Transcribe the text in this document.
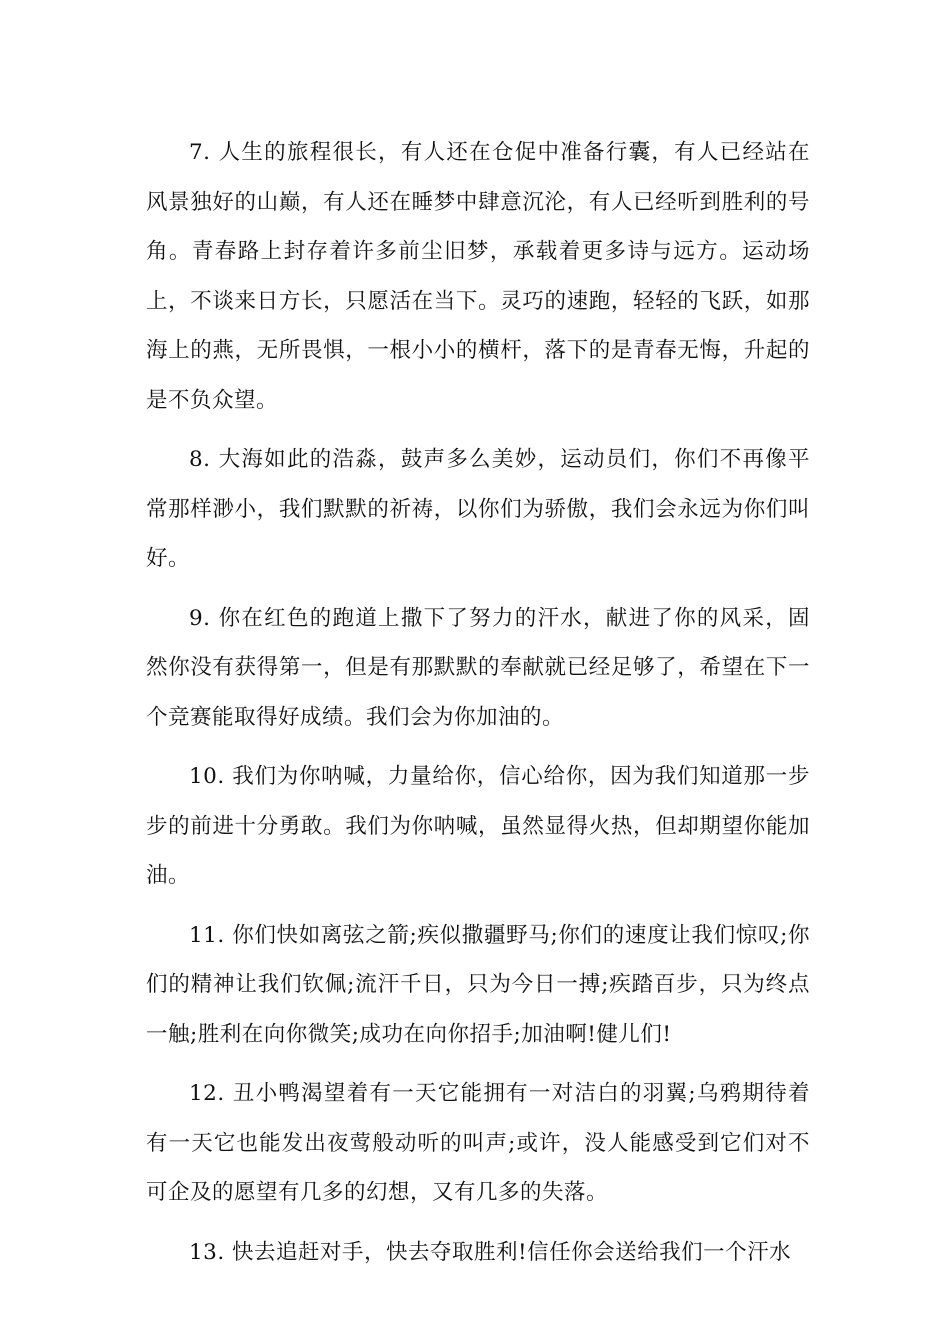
7. 人生的旅程很长，有人还在仓促中准备行囊，有人已经站在风景独好的山巅，有人还在睡梦中肆意沉沦，有人已经听到胜利的号角。青春路上封存着许多前尘旧梦，承载着更多诗与远方。运动场上，不谈来日方长，只愿活在当下。灵巧的速跑，轻轻的飞跃，如那海上的燕，无所畏惧，一根小小的横杆，落下的是青春无悔，升起的是不负众望。

8. 大海如此的浩淼，鼓声多么美妙，运动员们，你们不再像平常那样渺小，我们默默的祈祷，以你们为骄傲，我们会永远为你们叫好。

9. 你在红色的跑道上撒下了努力的汗水，献进了你的风采，固然你没有获得第一，但是有那默默的奉献就已经足够了，希望在下一个竞赛能取得好成绩。我们会为你加油的。

10. 我们为你呐喊，力量给你，信心给你，因为我们知道那一步步的前进十分勇敢。我们为你呐喊，虽然显得火热，但却期望你能加油。

11. 你们快如离弦之箭;疾似撒疆野马;你们的速度让我们惊叹;你们的精神让我们钦佩;流汗千日，只为今日一搏;疾踏百步，只为终点一触;胜利在向你微笑;成功在向你招手;加油啊!健儿们!

12. 丑小鸭渴望着有一天它能拥有一对洁白的羽翼;乌鸦期待着有一天它也能发出夜莺般动听的叫声;或许，没人能感受到它们对不可企及的愿望有几多的幻想，又有几多的失落。

13. 快去追赶对手，快去夺取胜利!信任你会送给我们一个汗水
